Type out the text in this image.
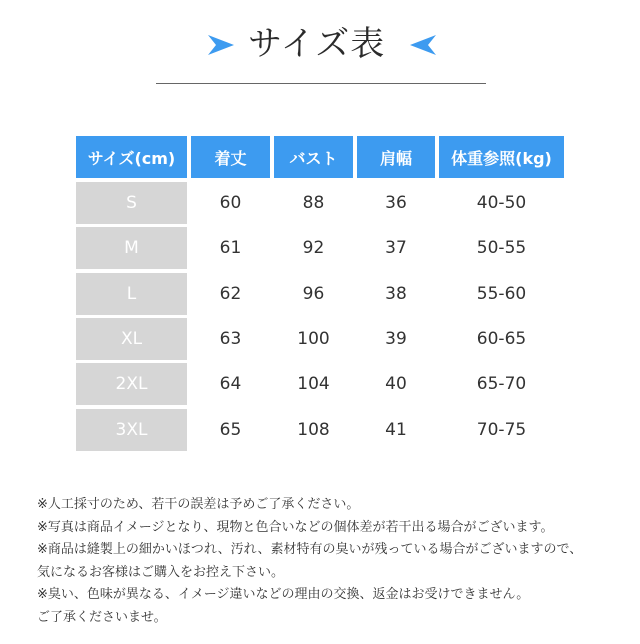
サイズ表
サイズ(cm)	着丈	バスト	肩幅	体重参照(kg)
S	60	88	36	40-50
M	61	92	37	50-55
L	62	96	38	55-60
XL	63	100	39	60-65
2XL	64	104	40	65-70
3XL	65	108	41	70-75
※人工採寸のため、若干の誤差は予めご了承ください。
※写真は商品イメージとなり、現物と色合いなどの個体差が若干出る場合がございます。
※商品は縫製上の細かいほつれ、汚れ、素材特有の臭いが残っている場合がございますので、
気になるお客様はご購入をお控え下さい。
※臭い、色味が異なる、イメージ違いなどの理由の交換、返金はお受けできません。
ご了承くださいませ。
